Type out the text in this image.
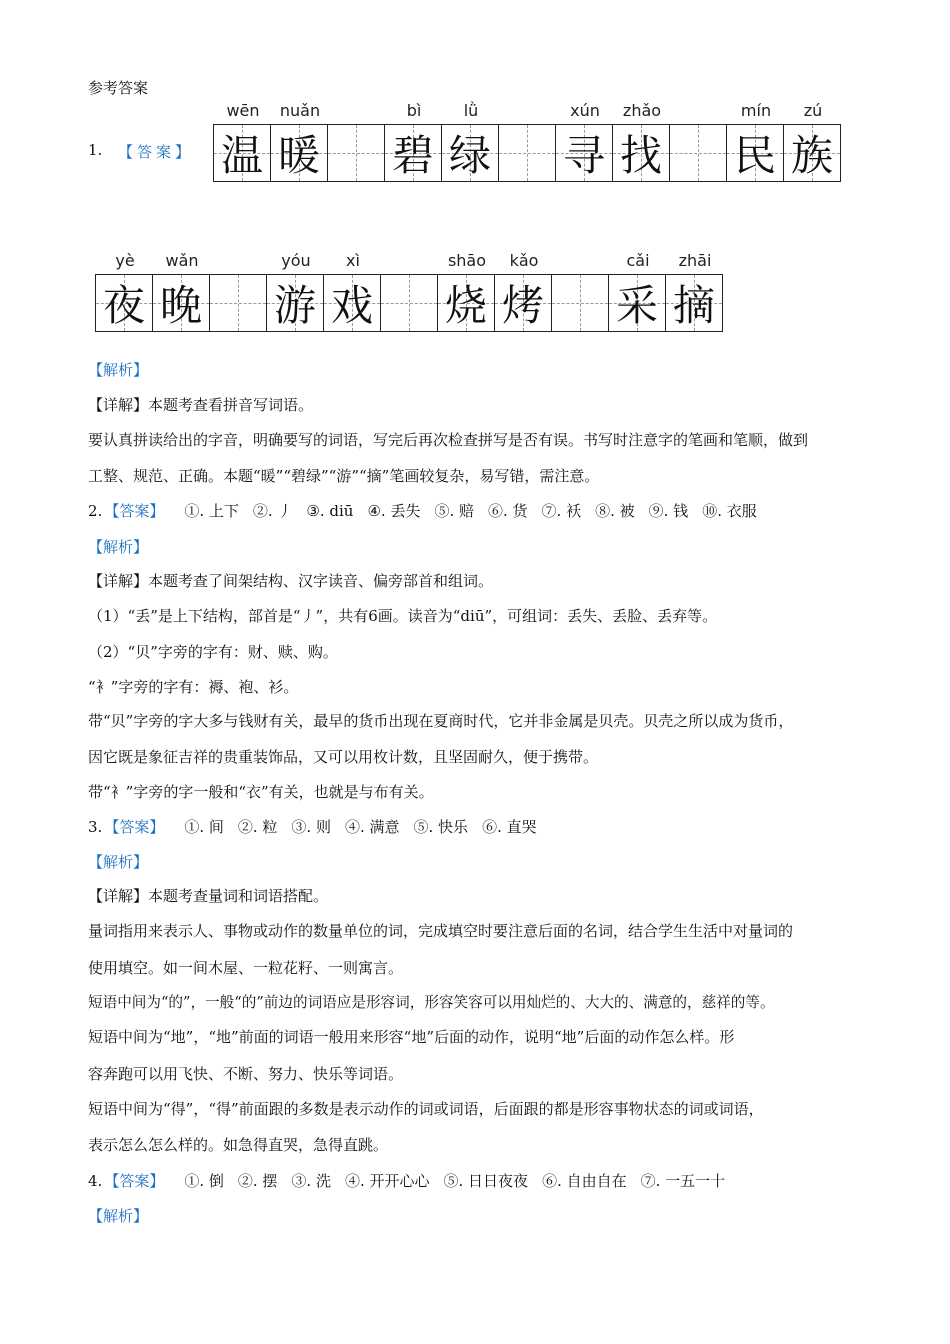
参考答案
1. 【答案】
wēn
温
nuǎn
暖
bì
碧
lǜ
绿
xún
寻
zhǎo
找
mín
民
zú
族
yè
夜
wǎn
晚
yóu
游
xì
戏
shāo
烧
kǎo
烤
cǎi
采
zhāi
摘
【解析】
【详解】本题考查看拼音写词语。
要认真拼读给出的字音，明确要写的词语，写完后再次检查拼写是否有误。书写时注意字的笔画和笔顺，做到
工整、规范、正确。本题“暖”“碧绿”“游”“摘”笔画较复杂，易写错，需注意。
2. 【答案】 ①. 上下 ②. 丿 ③. diū ④. 丢失 ⑤. 赔 ⑥. 货 ⑦. 袄 ⑧. 被 ⑨. 钱 ⑩. 衣服
【解析】
【详解】本题考查了间架结构、汉字读音、偏旁部首和组词。
（1）“丢”是上下结构，部首是“丿”，共有6画。读音为“diū”，可组词：丢失、丢脸、丢弃等。
（2）“贝”字旁的字有：财、赎、购。
“衤”字旁的字有：褥、袍、衫。
带“贝”字旁的字大多与钱财有关，最早的货币出现在夏商时代，它并非金属是贝壳。贝壳之所以成为货币，
因它既是象征吉祥的贵重装饰品，又可以用枚计数，且坚固耐久，便于携带。
带“衤”字旁的字一般和“衣”有关，也就是与布有关。
3. 【答案】 ①. 间 ②. 粒 ③. 则 ④. 满意 ⑤. 快乐 ⑥. 直哭
【解析】
【详解】本题考查量词和词语搭配。
量词指用来表示人、事物或动作的数量单位的词，完成填空时要注意后面的名词，结合学生生活中对量词的
使用填空。如一间木屋、一粒花籽、一则寓言。
短语中间为“的”，一般“的”前边的词语应是形容词，形容笑容可以用灿烂的、大大的、满意的，慈祥的等。
短语中间为“地”，“地”前面的词语一般用来形容“地”后面的动作，说明“地”后面的动作怎么样。形
容奔跑可以用飞快、不断、努力、快乐等词语。
短语中间为“得”，“得”前面跟的多数是表示动作的词或词语，后面跟的都是形容事物状态的词或词语，
表示怎么怎么样的。如急得直哭，急得直跳。
4. 【答案】 ①. 倒 ②. 摆 ③. 洗 ④. 开开心心 ⑤. 日日夜夜 ⑥. 自由自在 ⑦. 一五一十
【解析】
